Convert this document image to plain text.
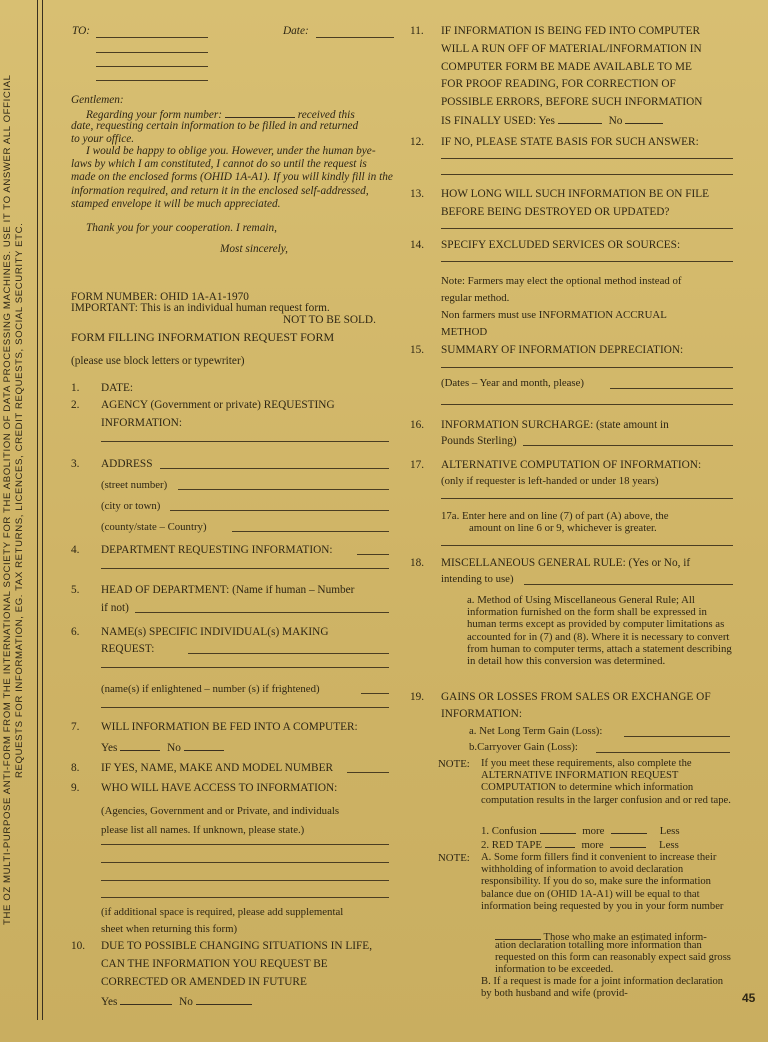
THE OZ MULTI-PURPOSE ANTI-FORM FROM THE INTERNATIONAL SOCIETY FOR THE ABOLITION OF DATA PROCESSING MACHINES. USE IT TO ANSWER ALL OFFICIAL REQUESTS FOR INFORMATION, EG. TAX RETURNS, LICENCES, CREDIT REQUESTS, SOCIAL SECURITY ETC.
TO:	Date:
Gentlemen:
Regarding your form number:	received this
date, requesting certain information to be filled in and returned
to your office.
I would be happy to oblige you. However, under the human bye-laws by which I am constituted, I cannot do so until the request is made on the enclosed forms (OHID 1A-A1). If you will kindly fill in the information required, and return it in the enclosed self-addressed, stamped envelope it will be much appreciated.
Thank you for your cooperation. I remain,
Most sincerely,
FORM NUMBER: OHID 1A-A1-1970
IMPORTANT: This is an individual human request form.
NOT TO BE SOLD.
FORM FILLING INFORMATION REQUEST FORM
(please use block letters or typewriter)
1. DATE:
2. AGENCY (Government or private) REQUESTING
INFORMATION:
3. ADDRESS
(street number)
(city or town)
(county/state – Country)
4. DEPARTMENT REQUESTING INFORMATION:
5. HEAD OF DEPARTMENT: (Name if human – Number
if not)
6. NAME(s) SPECIFIC INDIVIDUAL(s) MAKING
REQUEST:
(name(s) if enlightened – number (s) if frightened)
7. WILL INFORMATION BE FED INTO A COMPUTER:
Yes	No
8. IF YES, NAME, MAKE AND MODEL NUMBER
9. WHO WILL HAVE ACCESS TO INFORMATION:
(Agencies, Government and or Private, and individuals
please list all names. If unknown, please state.)
(if additional space is required, please add supplemental
sheet when returning this form)
10. DUE TO POSSIBLE CHANGING SITUATIONS IN LIFE,
CAN THE INFORMATION YOU REQUEST BE
CORRECTED OR AMENDED IN FUTURE
Yes	No
11. IF INFORMATION IS BEING FED INTO COMPUTER
WILL A RUN OFF OF MATERIAL/INFORMATION IN
COMPUTER FORM BE MADE AVAILABLE TO ME
FOR PROOF READING, FOR CORRECTION OF
POSSIBLE ERRORS, BEFORE SUCH INFORMATION
IS FINALLY USED: Yes	No
12. IF NO, PLEASE STATE BASIS FOR SUCH ANSWER:
13. HOW LONG WILL SUCH INFORMATION BE ON FILE
BEFORE BEING DESTROYED OR UPDATED?
14. SPECIFY EXCLUDED SERVICES OR SOURCES:
Note: Farmers may elect the optional method instead of
regular method.
Non farmers must use INFORMATION ACCRUAL
METHOD
15. SUMMARY OF INFORMATION DEPRECIATION:
(Dates – Year and month, please)
16. INFORMATION SURCHARGE: (state amount in
Pounds Sterling)
17. ALTERNATIVE COMPUTATION OF INFORMATION:
(only if requester is left-handed or under 18 years)
17a. Enter here and on line (7) of part (A) above, the
amount on line 6 or 9, whichever is greater.
18. MISCELLANEOUS GENERAL RULE: (Yes or No, if
intending to use)
a. Method of Using Miscellaneous General Rule; All information furnished on the form shall be expressed in human terms except as provided by computer limitations as accounted for in (7) and (8). Where it is necessary to convert from human to computer terms, attach a statement describing in detail how this conversion was determined.
19. GAINS OR LOSSES FROM SALES OR EXCHANGE OF
INFORMATION:
a. Net Long Term Gain (Loss):
b.Carryover Gain (Loss):
NOTE: If you meet these requirements, also complete the ALTERNATIVE INFORMATION REQUEST COMPUTATION to determine which information computation results in the larger confusion and or red tape.
1. Confusion	more	Less
2. RED TAPE	more	Less
NOTE: A. Some form fillers find it convenient to increase their withholding of information to avoid declaration responsibility. If you do so, make sure the information balance due on (OHID 1A-A1) will be equal to that information being requested by you in your form number
Those who make an estimated inform-
ation declaration totalling more information than requested on this form can reasonably expect said gross information to be exceeded.
B. If a request is made for a joint information declaration by both husband and wife (provid-	45
